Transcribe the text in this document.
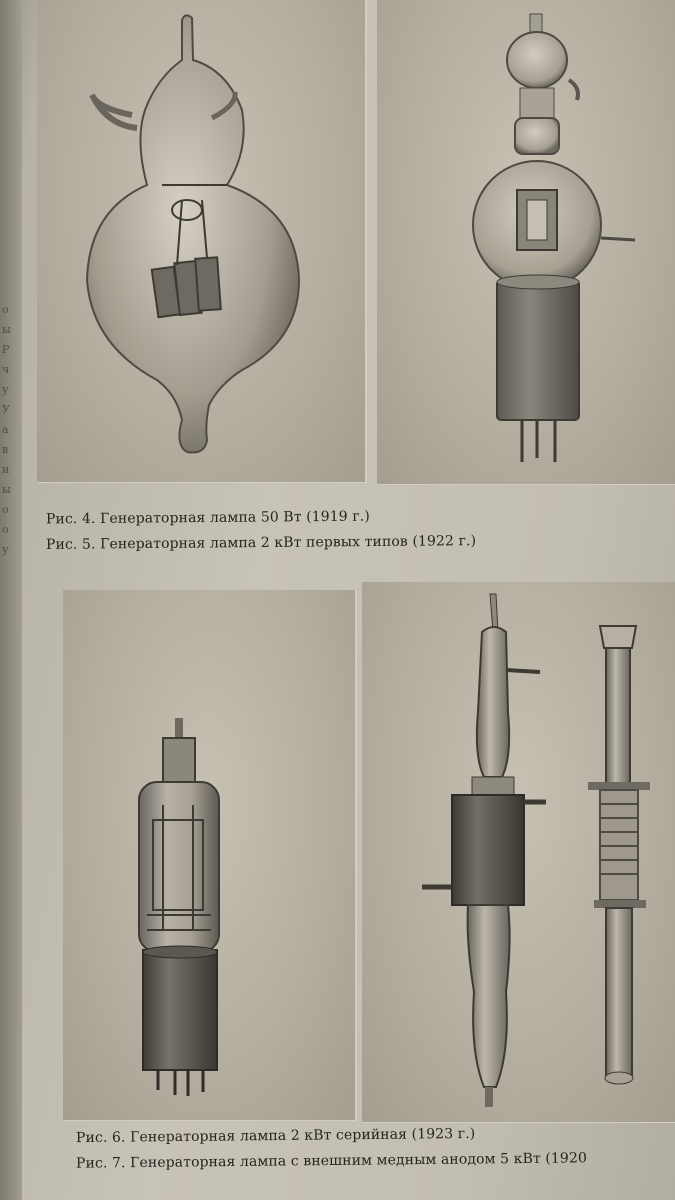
о ы Р ч у У а в и ы о о у

Рис. 4. Генераторная лампа 50 Вт (1919 г.)

Рис. 5. Генераторная лампа 2 кВт первых типов (1922 г.)

Рис. 6. Генераторная лампа 2 кВт серийная (1923 г.)

Рис. 7. Генераторная лампа с внешним медным анодом 5 кВт (1920
